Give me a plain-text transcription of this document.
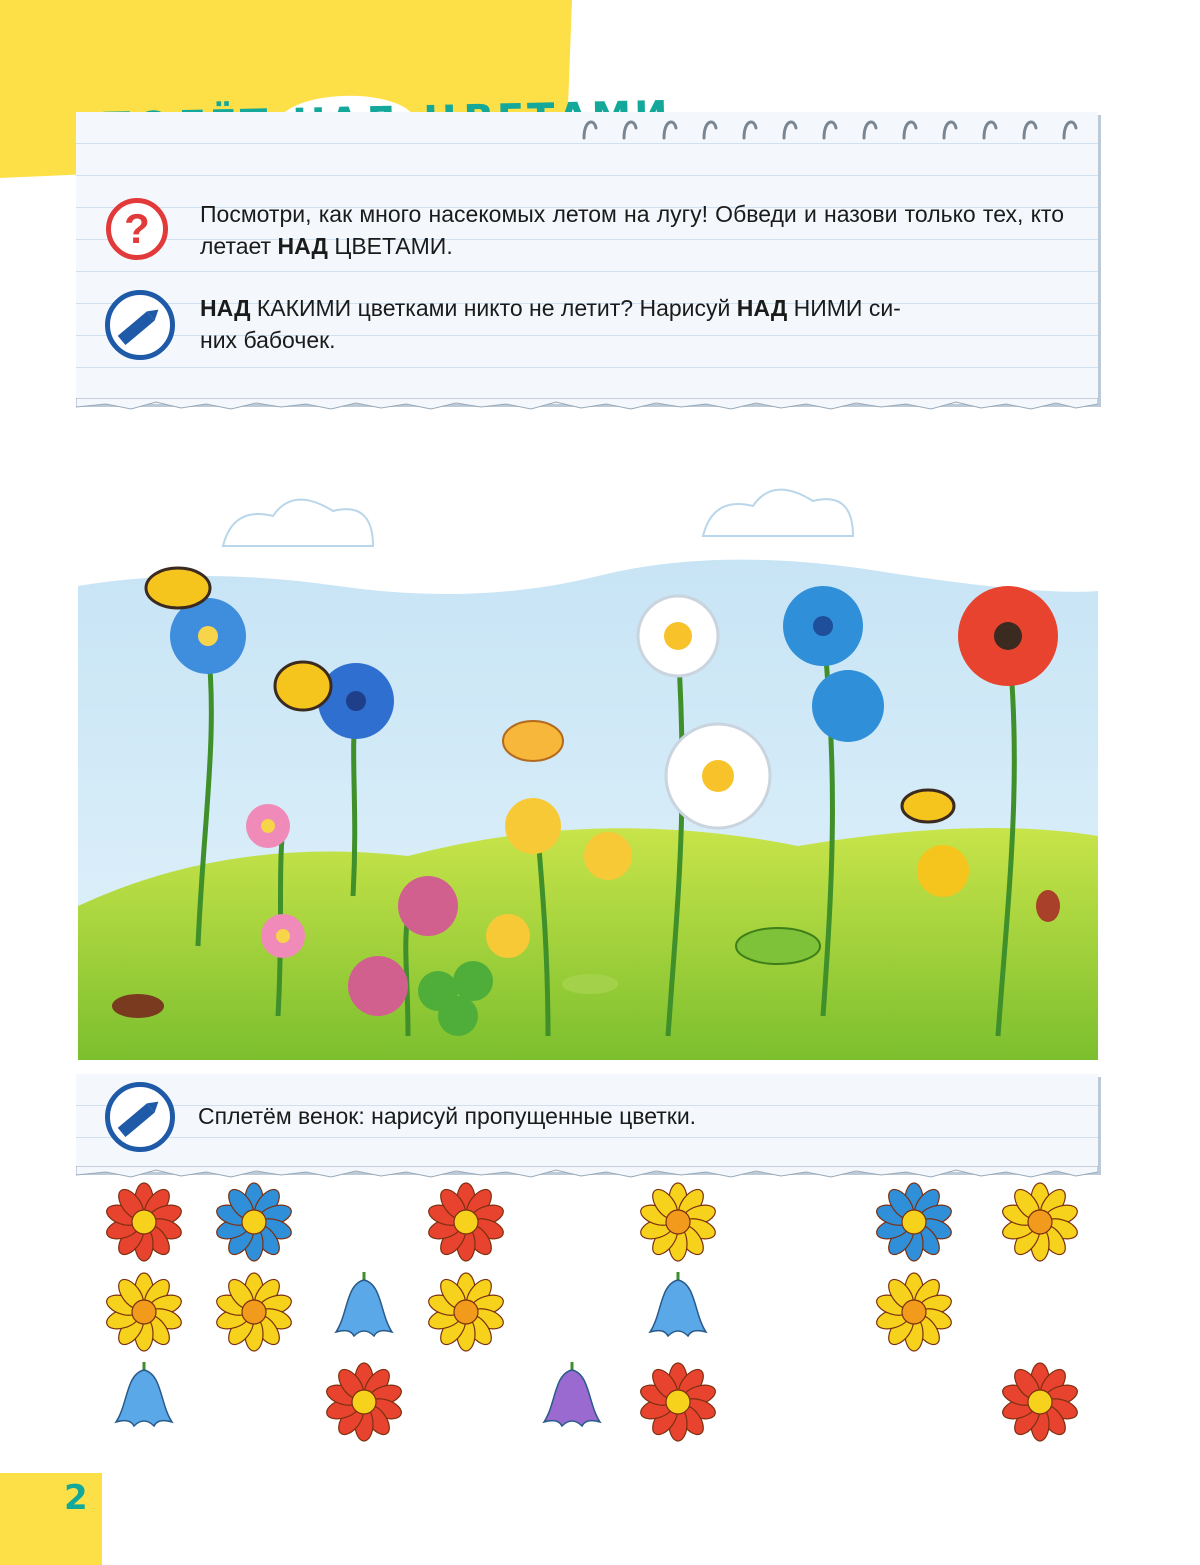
?	Посмотри, как много насекомых летом на лугу! Обведи и назови только тех, кто летает НАД ЦВЕТАМИ.
НАД КАКИМИ цветками никто не летит? Нарисуй НАД НИМИ си-
них бабочек.
Сплетём венок: нарисуй пропущенные цветки.
2
